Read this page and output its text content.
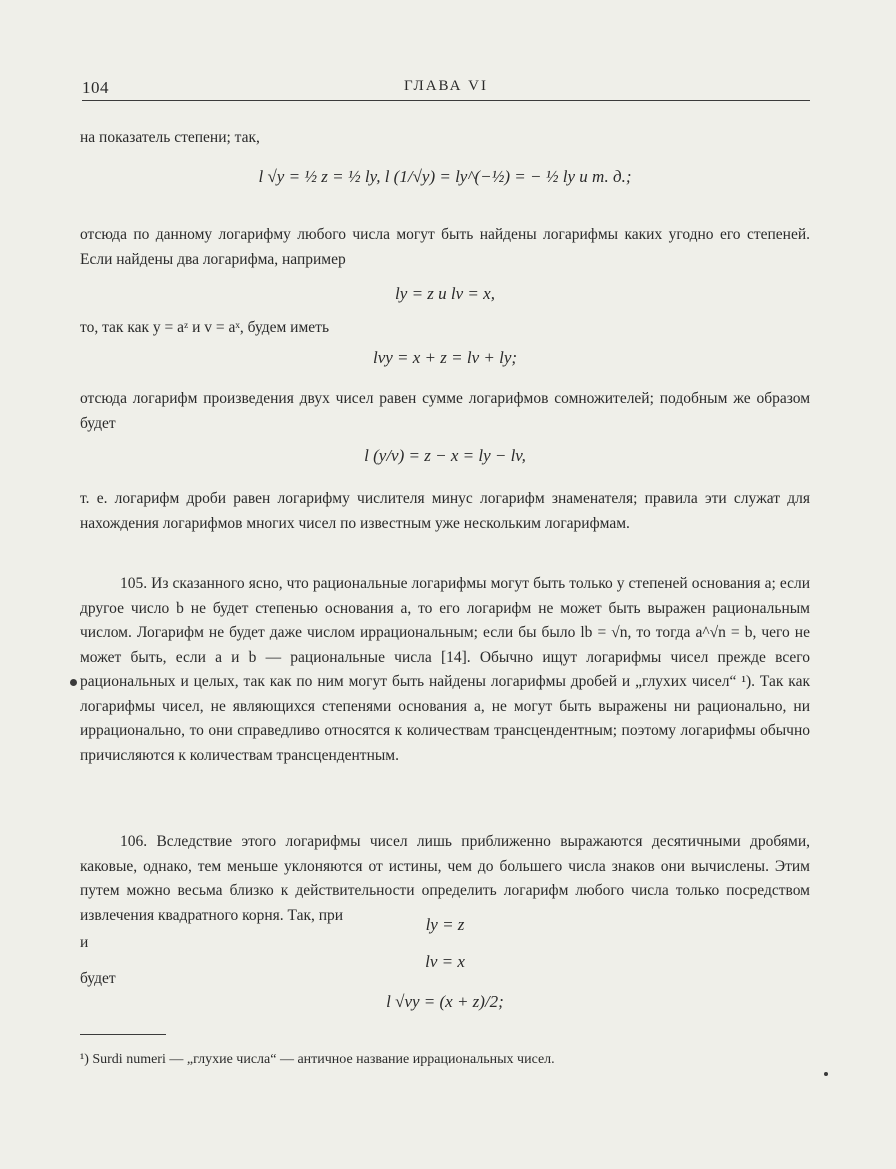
104	ГЛАВА VI

на показатель степени; так,

l √y = ½ z = ½ ly, l (1/√y) = ly^(−½) = − ½ ly и т. д.;

отсюда по данному логарифму любого числа могут быть найдены логарифмы каких угодно его степеней. Если найдены два логарифма, например

ly = z и lv = x,

то, так как y = aᶻ и v = aˣ, будем иметь

lvy = x + z = lv + ly;

отсюда логарифм произведения двух чисел равен сумме логарифмов сомножителей; подобным же образом будет

l (y/v) = z − x = ly − lv,

т. е. логарифм дроби равен логарифму числителя минус логарифм знаменателя; правила эти служат для нахождения логарифмов многих чисел по известным уже нескольким логарифмам.

105. Из сказанного ясно, что рациональные логарифмы могут быть только у степеней основания a; если другое число b не будет степенью основания a, то его логарифм не может быть выражен рациональным числом. Логарифм не будет даже числом иррациональным; если бы было lb = √n, то тогда a^√n = b, чего не может быть, если a и b — рациональные числа [14]. Обычно ищут логарифмы чисел прежде всего рациональных и целых, так как по ним могут быть найдены логарифмы дробей и „глухих чисел“ ¹). Так как логарифмы чисел, не являющихся степенями основания a, не могут быть выражены ни рационально, ни иррационально, то они справедливо относятся к количествам трансцендентным; поэтому логарифмы обычно причисляются к количествам трансцендентным.

106. Вследствие этого логарифмы чисел лишь приближенно выражаются десятичными дробями, каковые, однако, тем меньше уклоняются от истины, чем до большего числа знаков они вычислены. Этим путем можно весьма близко к действительности определить логарифм любого числа только посредством извлечения квадратного корня. Так, при	ly = z
и
lv = x
будет
l √vy = (x + z)/2;

¹) Surdi numeri — „глухие числа“ — античное название иррациональных чисел.
